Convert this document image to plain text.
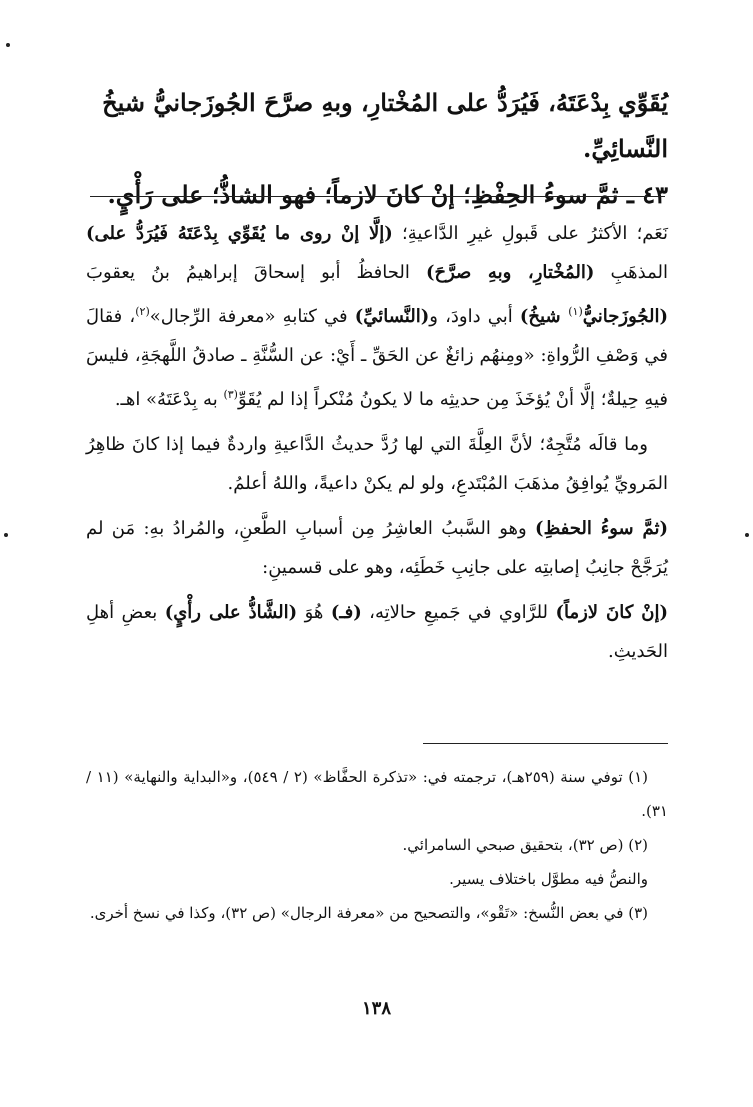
يُقَوِّي بِدْعَتَهُ، فَيُرَدُّ على المُخْتارِ، وبهِ صرَّحَ الجُوزَجانيُّ شيخُ النَّسائِيِّ.

٤٣ ـ ثمَّ سوءُ الحِفْظِ؛ إنْ كانَ لازماً؛ فهو الشاذُّ؛ على رَأْيٍ.

نَعَم؛ الأكثرُ على قَبولِ غيرِ الدَّاعيةِ؛ (إلَّا إنْ روى ما يُقَوِّي بِدْعَتَهُ فَيُرَدُّ على) المذهَبِ (المُخْتارِ، وبهِ صرَّحَ) الحافظُ أبو إسحاقَ إبراهيمُ بنُ يعقوبَ (الجُوزَجانيُّ$^{(١)}$ شيخُ) أبي داودَ، و(النَّسائيِّ) في كتابهِ «معرفة الرِّجال»$^{(٢)}$، فقالَ في وَصْفِ الرُّواةِ: «ومِنهُم زائغٌ عن الحَقِّ ـ أَيْ: عن السُّنَّةِ ـ صادقُ اللَّهجَةِ، فليسَ فيهِ حِيلةٌ؛ إلَّا أنْ يُؤخَذَ مِن حديثِه ما لا يكونُ مُنْكراً إذا لم يُقَوِّ$^{(٣)}$ به بِدْعَتَهُ» اهـ.

وما قالَه مُتَّجِهٌ؛ لأنَّ العِلَّةَ التي لها رُدَّ حديثُ الدَّاعيةِ واردةٌ فيما إذا كانَ ظاهِرُ المَرويِّ يُوافِقُ مذهَبَ المُبْتَدعِ، ولو لم يكنْ داعيةً، واللهُ أعلمُ.

(ثمَّ سوءُ الحفظِ) وهو السَّببُ العاشِرُ مِن أسبابِ الطَّعنِ، والمُرادُ بهِ: مَن لم يُرَجَّحْ جانِبُ إصابتِه على جانِبِ خَطَئِه، وهو على قسمينِ:

(إنْ كانَ لازماً) للرَّاوي في جَميعِ حالاتِه، (فـ) هُوَ (الشَّاذُّ على رأْيٍ) بعضِ أهلِ الحَديثِ.

(١) توفي سنة (٢٥٩هـ)، ترجمته في: «تذكرة الحفَّاظ» (٢ / ٥٤٩)، و«البداية والنهاية» (١١ / ٣١).

(٢) (ص ٣٢)، بتحقيق صبحي السامرائي.

والنصُّ فيه مطوَّل باختلاف يسير.

(٣) في بعض النُّسخ: «تَقْو»، والتصحيح من «معرفة الرجال» (ص ٣٢)، وكذا في نسخ أخرى.

١٣٨
